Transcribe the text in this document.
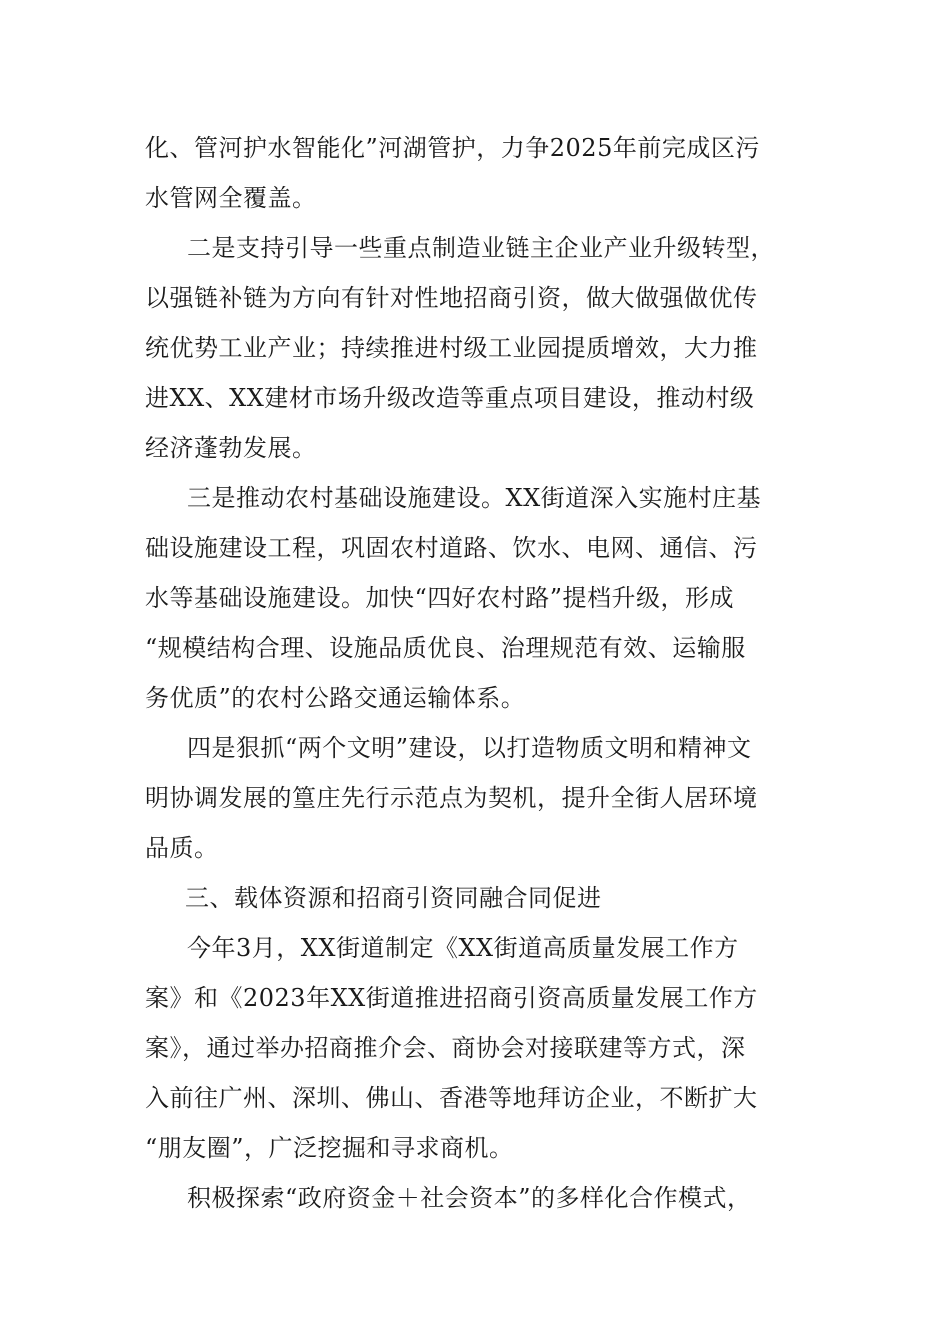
化、管河护水智能化”河湖管护，力争2025年前完成区污
水管网全覆盖。
二是支持引导一些重点制造业链主企业产业升级转型，
以强链补链为方向有针对性地招商引资，做大做强做优传
统优势工业产业；持续推进村级工业园提质增效，大力推
进XX、XX建材市场升级改造等重点项目建设，推动村级
经济蓬勃发展。
三是推动农村基础设施建设。XX街道深入实施村庄基
础设施建设工程，巩固农村道路、饮水、电网、通信、污
水等基础设施建设。加快“四好农村路”提档升级，形成
“规模结构合理、设施品质优良、治理规范有效、运输服
务优质”的农村公路交通运输体系。
四是狠抓“两个文明”建设，以打造物质文明和精神文
明协调发展的篁庄先行示范点为契机，提升全街人居环境
品质。
三、载体资源和招商引资同融合同促进
今年3月，XX街道制定《XX街道高质量发展工作方
案》和《2023年XX街道推进招商引资高质量发展工作方
案》，通过举办招商推介会、商协会对接联建等方式，深
入前往广州、深圳、佛山、香港等地拜访企业，不断扩大
“朋友圈”，广泛挖掘和寻求商机。
积极探索“政府资金＋社会资本”的多样化合作模式，
